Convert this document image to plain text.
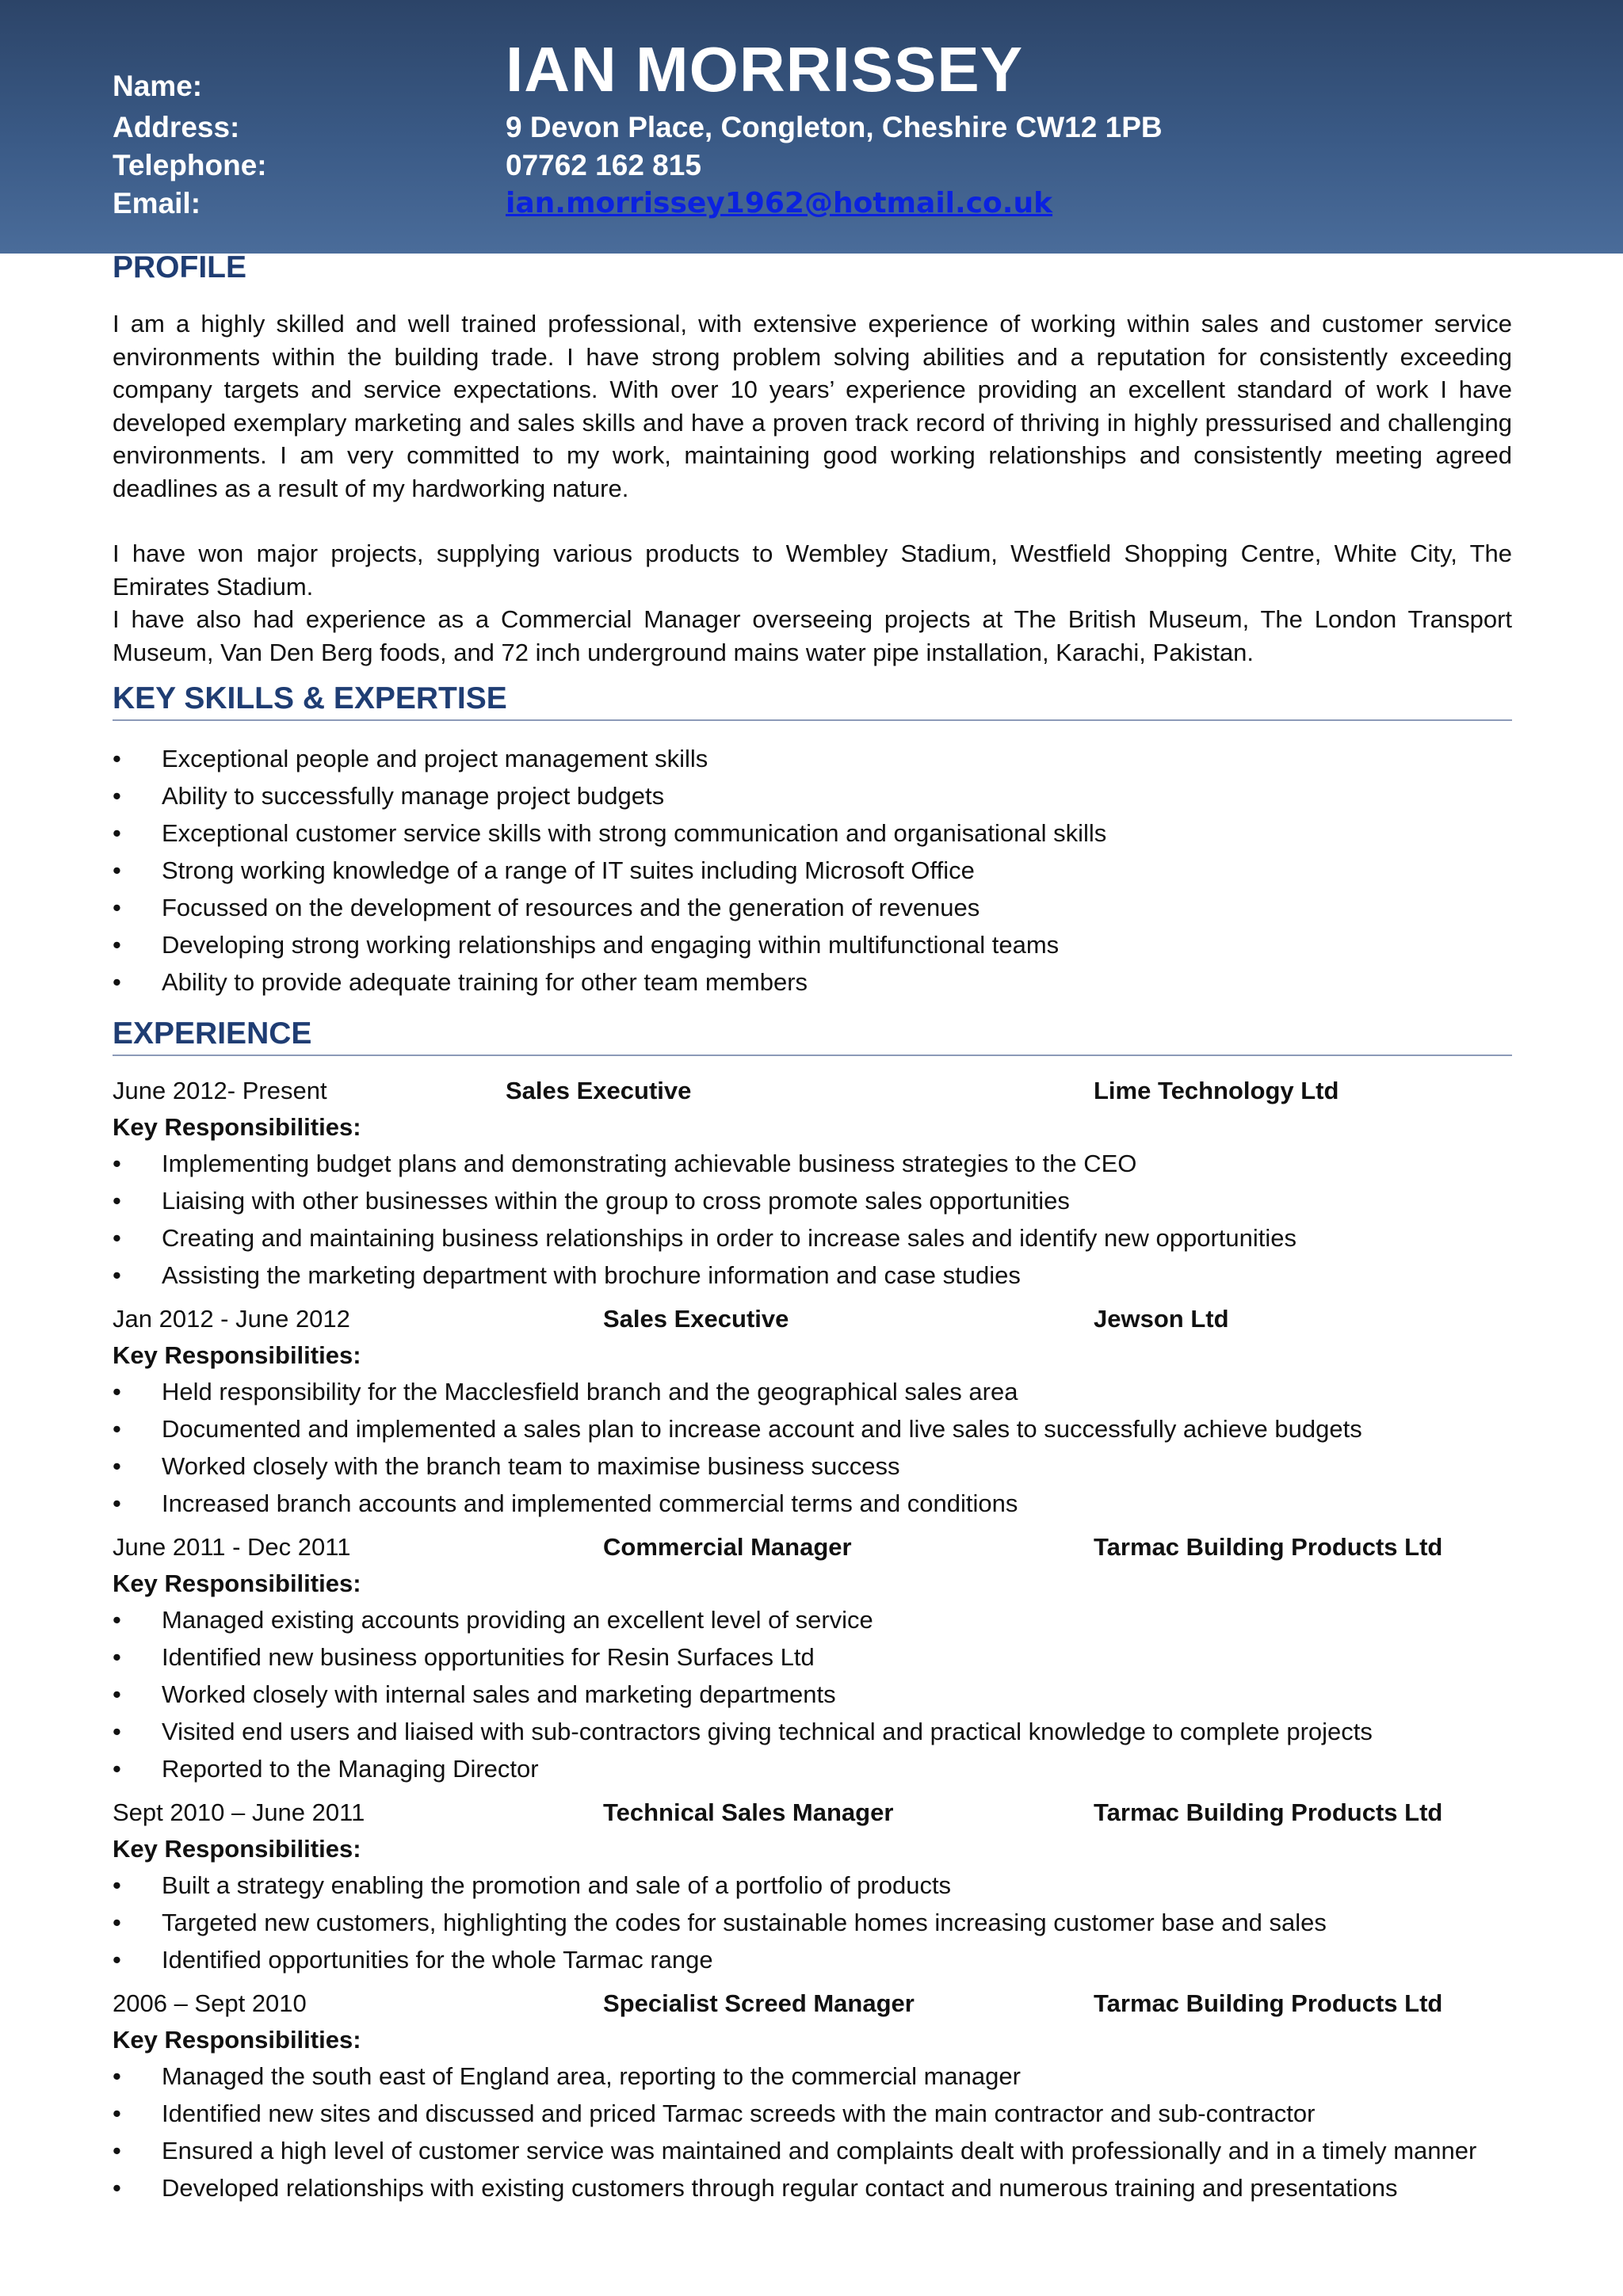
Name:	IAN MORRISSEY
Address:	9 Devon Place, Congleton, Cheshire CW12 1PB
Telephone:	07762 162 815
Email:	ian.morrissey1962@hotmail.co.uk
PROFILE

I am a highly skilled and well trained professional, with extensive experience of working within sales and customer service environments within the building trade. I have strong problem solving abilities and a reputation for consistently exceeding company targets and service expectations. With over 10 years’ experience providing an excellent standard of work I have developed exemplary marketing and sales skills and have a proven track record of thriving in highly pressurised and challenging environments. I am very committed to my work, maintaining good working relationships and consistently meeting agreed deadlines as a result of my hardworking nature.

I have won major projects, supplying various products to Wembley Stadium, Westfield Shopping Centre, White City, The Emirates Stadium.

I have also had experience as a Commercial Manager overseeing projects at The British Museum, The London Transport Museum, Van Den Berg foods, and 72 inch underground mains water pipe installation, Karachi, Pakistan.

KEY SKILLS & EXPERTISE
• Exceptional people and project management skills
• Ability to successfully manage project budgets
• Exceptional customer service skills with strong communication and organisational skills
• Strong working knowledge of a range of IT suites including Microsoft Office
• Focussed on the development of resources and the generation of revenues
• Developing strong working relationships and engaging within multifunctional teams
• Ability to provide adequate training for other team members
EXPERIENCE
June 2012- Present	Sales Executive	Lime Technology Ltd
Key Responsibilities:
• Implementing budget plans and demonstrating achievable business strategies to the CEO
• Liaising with other businesses within the group to cross promote sales opportunities
• Creating and maintaining business relationships in order to increase sales and identify new opportunities
• Assisting the marketing department with brochure information and case studies
Jan 2012 - June 2012	Sales Executive	Jewson Ltd
Key Responsibilities:
• Held responsibility for the Macclesfield branch and the geographical sales area
• Documented and implemented a sales plan to increase account and live sales to successfully achieve budgets
• Worked closely with the branch team to maximise business success
• Increased branch accounts and implemented commercial terms and conditions
June 2011 - Dec 2011	Commercial Manager	Tarmac Building Products Ltd
Key Responsibilities:
• Managed existing accounts providing an excellent level of service
• Identified new business opportunities for Resin Surfaces Ltd
• Worked closely with internal sales and marketing departments
• Visited end users and liaised with sub-contractors giving technical and practical knowledge to complete projects
• Reported to the Managing Director
Sept 2010 – June 2011	Technical Sales Manager	Tarmac Building Products Ltd
Key Responsibilities:
• Built a strategy enabling the promotion and sale of a portfolio of products
• Targeted new customers, highlighting the codes for sustainable homes increasing customer base and sales
• Identified opportunities for the whole Tarmac range
2006 – Sept 2010	Specialist Screed Manager	Tarmac Building Products Ltd
Key Responsibilities:
• Managed the south east of England area, reporting to the commercial manager
• Identified new sites and discussed and priced Tarmac screeds with the main contractor and sub-contractor
• Ensured a high level of customer service was maintained and complaints dealt with professionally and in a timely manner
• Developed relationships with existing customers through regular contact and numerous training and presentations
